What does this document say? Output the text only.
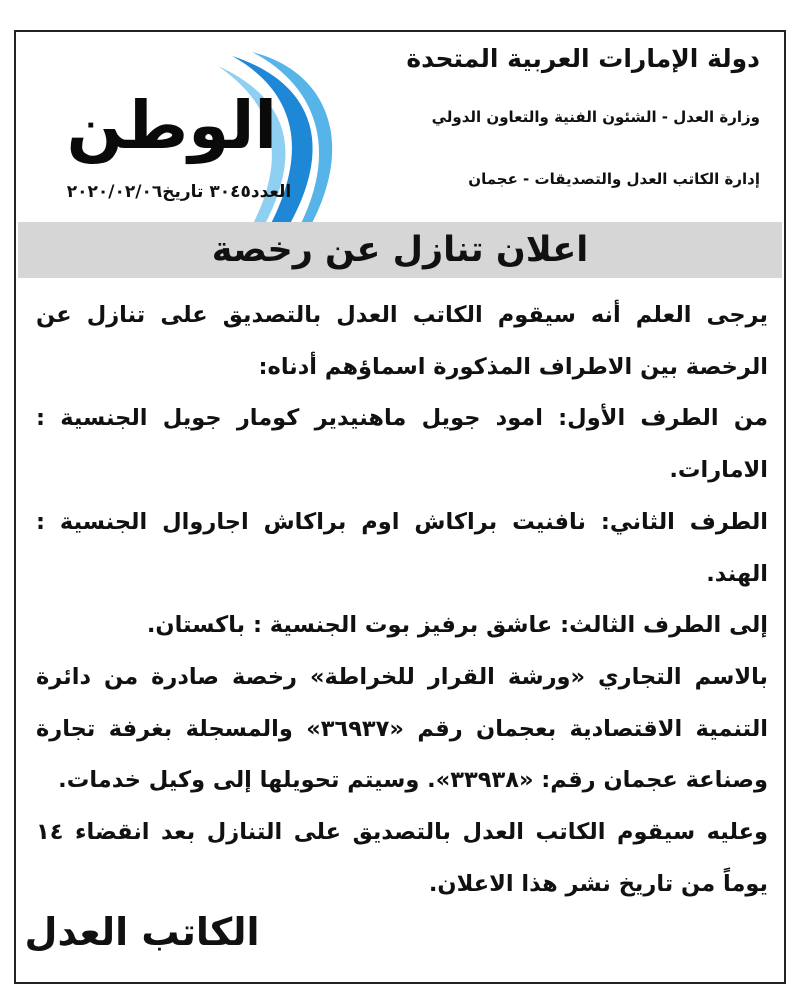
دولة الإمارات العربية المتحدة

وزارة العدل - الشئون الفنية والتعاون الدولي

إدارة الكاتب العدل والتصديقات - عجمان

الوطن
العدد٣٠٤٥ تاريخ٢٠٢٠/٠٢/٠٦
اعلان تنازل عن رخصة

يرجى العلم أنه سيقوم الكاتب العدل بالتصديق على تنازل عن الرخصة بين الاطراف المذكورة اسماؤهم أدناه:

من الطرف الأول: امود جويل ماهنيدير كومار جويل الجنسية : الامارات.

الطرف الثاني: نافنيت براكاش اوم براكاش اجاروال الجنسية : الهند.

إلى الطرف الثالث: عاشق برفيز بوت الجنسية : باكستان.

بالاسم التجاري «ورشة القرار للخراطة» رخصة صادرة من دائرة التنمية الاقتصادية بعجمان رقم «٣٦٩٣٧» والمسجلة بغرفة تجارة وصناعة عجمان رقم: «٣٣٩٣٨». وسيتم تحويلها إلى وكيل خدمات.

وعليه سيقوم الكاتب العدل بالتصديق على التنازل بعد انقضاء ١٤ يوماً من تاريخ نشر هذا الاعلان.

الكاتب العدل
